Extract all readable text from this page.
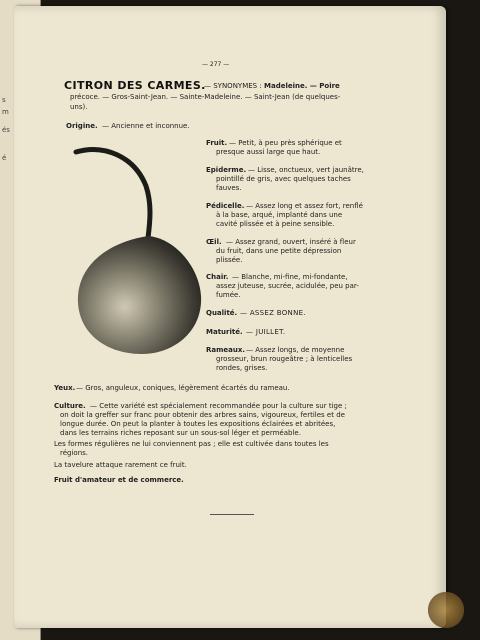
s
m
és
é
— 277 —
CITRON DES CARMES.
— SYNONYMES : Madeleine. — Poire
précoce. — Gros-Saint-Jean. — Sainte-Madeleine. — Saint-Jean (de quelques-
uns).
Origine. — Ancienne et inconnue.
Fruit. — Petit, à peu près sphérique et
presque aussi large que haut.
Epiderme. — Lisse, onctueux, vert jaunâtre,
pointillé de gris, avec quelques taches
fauves.
Pédicelle. — Assez long et assez fort, renflé
à la base, arqué, implanté dans une
cavité plissée et à peine sensible.
Œil. — Assez grand, ouvert, inséré à fleur
du fruit, dans une petite dépression
plissée.
Chair. — Blanche, mi-fine, mi-fondante,
assez juteuse, sucrée, acidulée, peu par-
fumée.
Qualité. — ASSEZ BONNE.
Maturité. — JUILLET.
Rameaux. — Assez longs, de moyenne
grosseur, brun rougeâtre ; à lenticelles
rondes, grises.
Yeux. — Gros, anguleux, coniques, légèrement écartés du rameau.
Culture. — Cette variété est spécialement recommandée pour la culture sur tige ;
on doit la greffer sur franc pour obtenir des arbres sains, vigoureux, fertiles et de
longue durée. On peut la planter à toutes les expositions éclairées et abritées,
dans les terrains riches reposant sur un sous-sol léger et perméable.
Les formes régulières ne lui conviennent pas ; elle est cultivée dans toutes les
régions.
La tavelure attaque rarement ce fruit.
Fruit d'amateur et de commerce.
